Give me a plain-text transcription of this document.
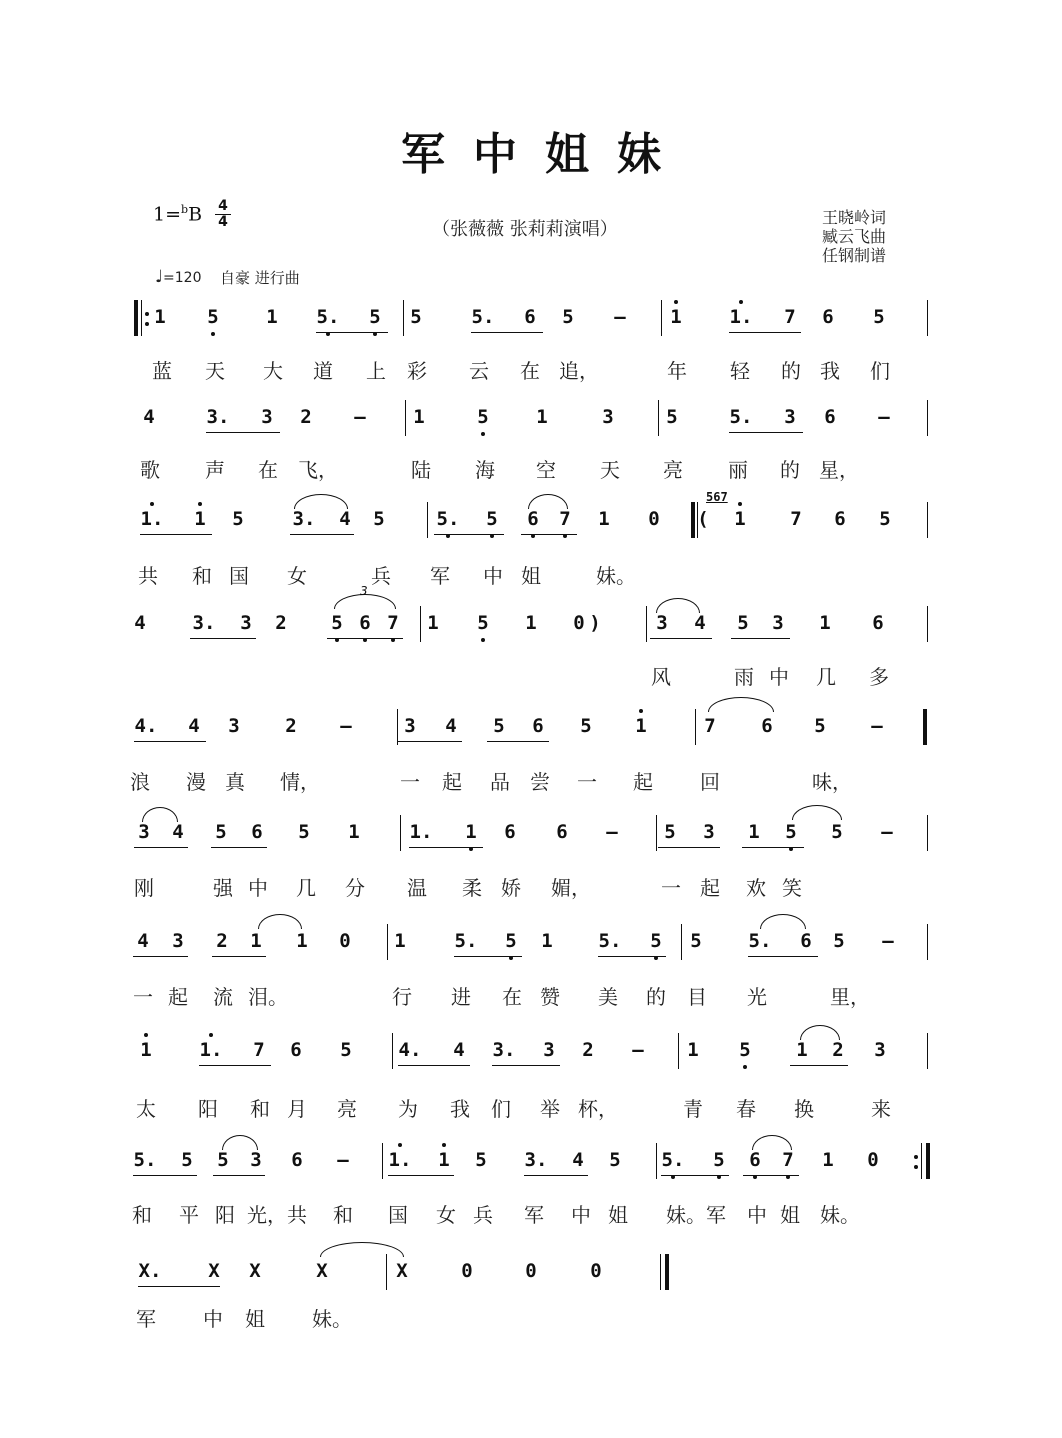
军中姐妹
1=$^b$B 4
4	（张薇薇 张莉莉演唱）
王晓岭词
臧云飞曲
任钢制谱
♩=120 自豪 进行曲
1	5	1	5.	5	5	5.	6	5	–	1	1.	7	6	5
蓝 天 大 道 上 彩 云 在 追，	年 轻 的 我 们
4	3.	3	2	–	1	5	1	3	5	5.	3	6	–
歌 声 在 飞，	陆 海 空 天 亮 丽 的 星，
1.	1	5	3.	4	5	5.	5	6	7	1	0	(
567
1	7	6	5
共 和 国 女	兵 军 中 姐	妹。
4	3.	3	2	5 6 7
3
1	5	1	0 )	3	4	5	3	1	6
风	雨 中 几 多
4.	4	3	2	–	3	4	5	6	5	1	7	6	5	–
浪 漫 真 情，	一 起 品 尝 一 起 回	味，
3	4	5	6	5	1	1.	1	6	6	–	5	3	1	5	5	–
刚	强 中 几 分 温 柔 娇 媚，	一 起 欢 笑
4	3	2	1	1	0	1	5.	5	1	5.	5	5	5.	6	5	–
一 起 流 泪。	行 进 在 赞 美 的 目 光	里，
1	1.	7	6	5	4.	4	3.	3	2	–	1	5	1	2	3
太 阳 和 月 亮 为 我 们 举 杯，	青 春 换	来
5.	5	5	3	6	–	1.	1	5	3.	4	5	5.	5	6	7	1	0
和 平 阳 光，共 和 国 女 兵 军 中 姐 妹。军 中 姐 妹。
X.	X	X	X	X	0	0	0
军 中 姐 妹。
